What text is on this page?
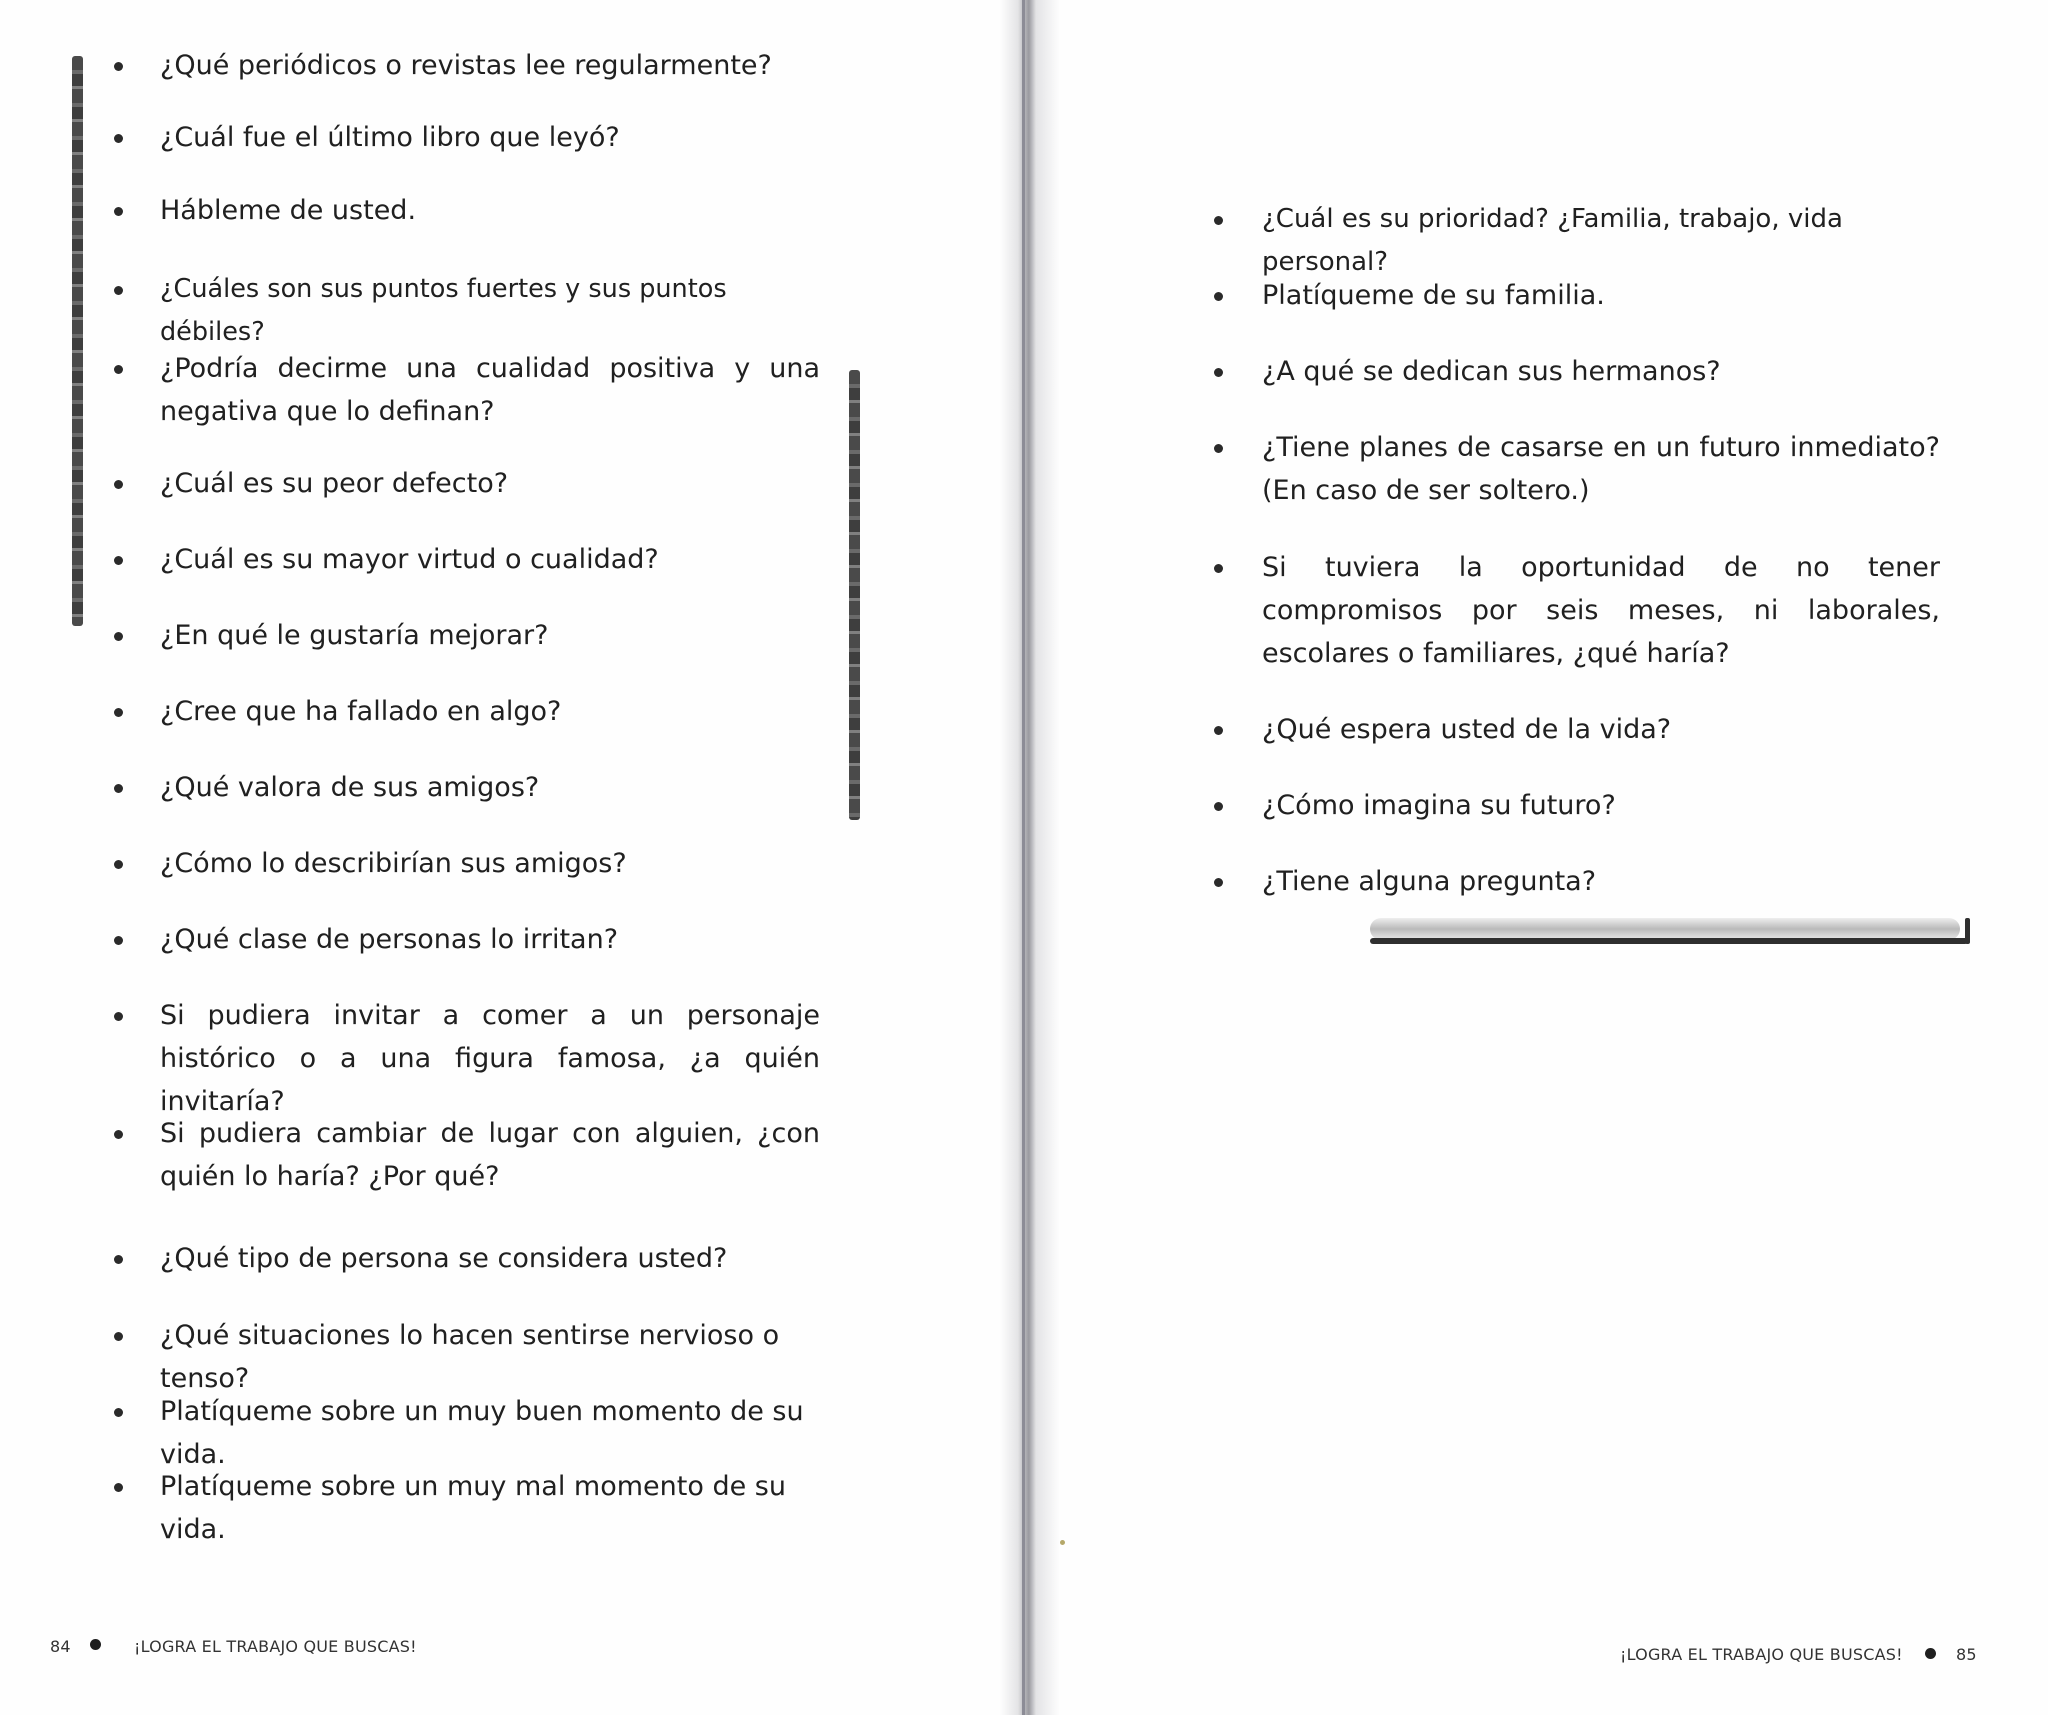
¿Qué periódicos o revistas lee regularmente?
¿Cuál fue el último libro que leyó?
Hábleme de usted.
¿Cuáles son sus puntos fuertes y sus puntos débiles?
¿Podría decirme una cualidad positiva y una negativa que lo definan?
¿Cuál es su peor defecto?
¿Cuál es su mayor virtud o cualidad?
¿En qué le gustaría mejorar?
¿Cree que ha fallado en algo?
¿Qué valora de sus amigos?
¿Cómo lo describirían sus amigos?
¿Qué clase de personas lo irritan?
Si pudiera invitar a comer a un personaje histórico o a una figura famosa, ¿a quién invitaría?
Si pudiera cambiar de lugar con alguien, ¿con quién lo haría? ¿Por qué?
¿Qué tipo de persona se considera usted?
¿Qué situaciones lo hacen sentirse nervioso o tenso?
Platíqueme sobre un muy buen momento de su vida.
Platíqueme sobre un muy mal momento de su vida.
¿Cuál es su prioridad? ¿Familia, trabajo, vida personal?
Platíqueme de su familia.
¿A qué se dedican sus hermanos?
¿Tiene planes de casarse en un futuro inmediato? (En caso de ser soltero.)
Si tuviera la oportunidad de no tener compromisos por seis meses, ni laborales, escolares o familiares, ¿qué haría?
¿Qué espera usted de la vida?
¿Cómo imagina su futuro?
¿Tiene alguna pregunta?
84	¡LOGRA EL TRABAJO QUE BUSCAS!	¡LOGRA EL TRABAJO QUE BUSCAS!	85
